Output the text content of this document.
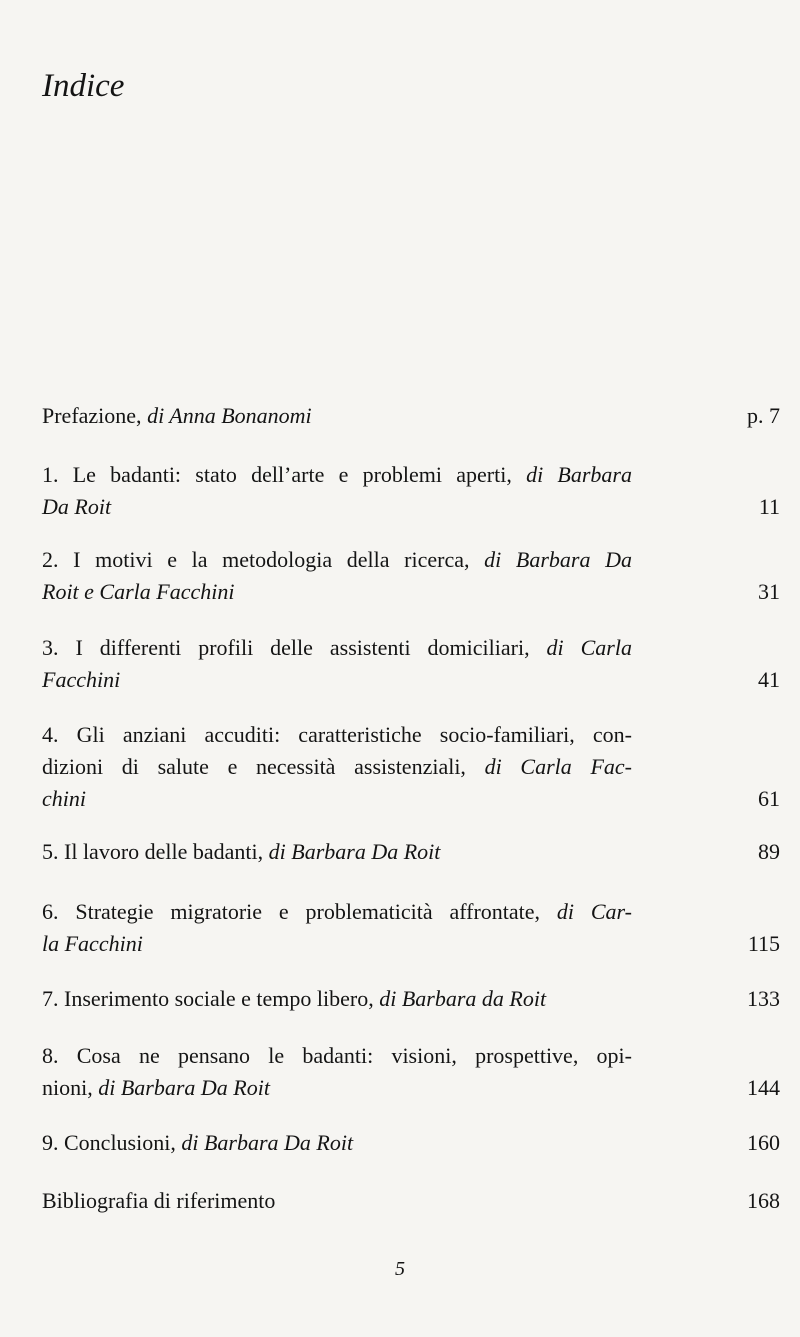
Indice
Prefazione, di Anna Bonanomi	p. 7
1. Le badanti: stato dell’arte e problemi aperti, di Barbara
Da Roit	11
2. I motivi e la metodologia della ricerca, di Barbara Da
Roit e Carla Facchini	31
3. I differenti profili delle assistenti domiciliari, di Carla
Facchini	41
4. Gli anziani accuditi: caratteristiche socio-familiari, con-
dizioni di salute e necessità assistenziali, di Carla Fac-
chini	61
5. Il lavoro delle badanti, di Barbara Da Roit	89
6. Strategie migratorie e problematicità affrontate, di Car-
la Facchini	115
7. Inserimento sociale e tempo libero, di Barbara da Roit	133
8. Cosa ne pensano le badanti: visioni, prospettive, opi-
nioni, di Barbara Da Roit	144
9. Conclusioni, di Barbara Da Roit	160
Bibliografia di riferimento	168
5
